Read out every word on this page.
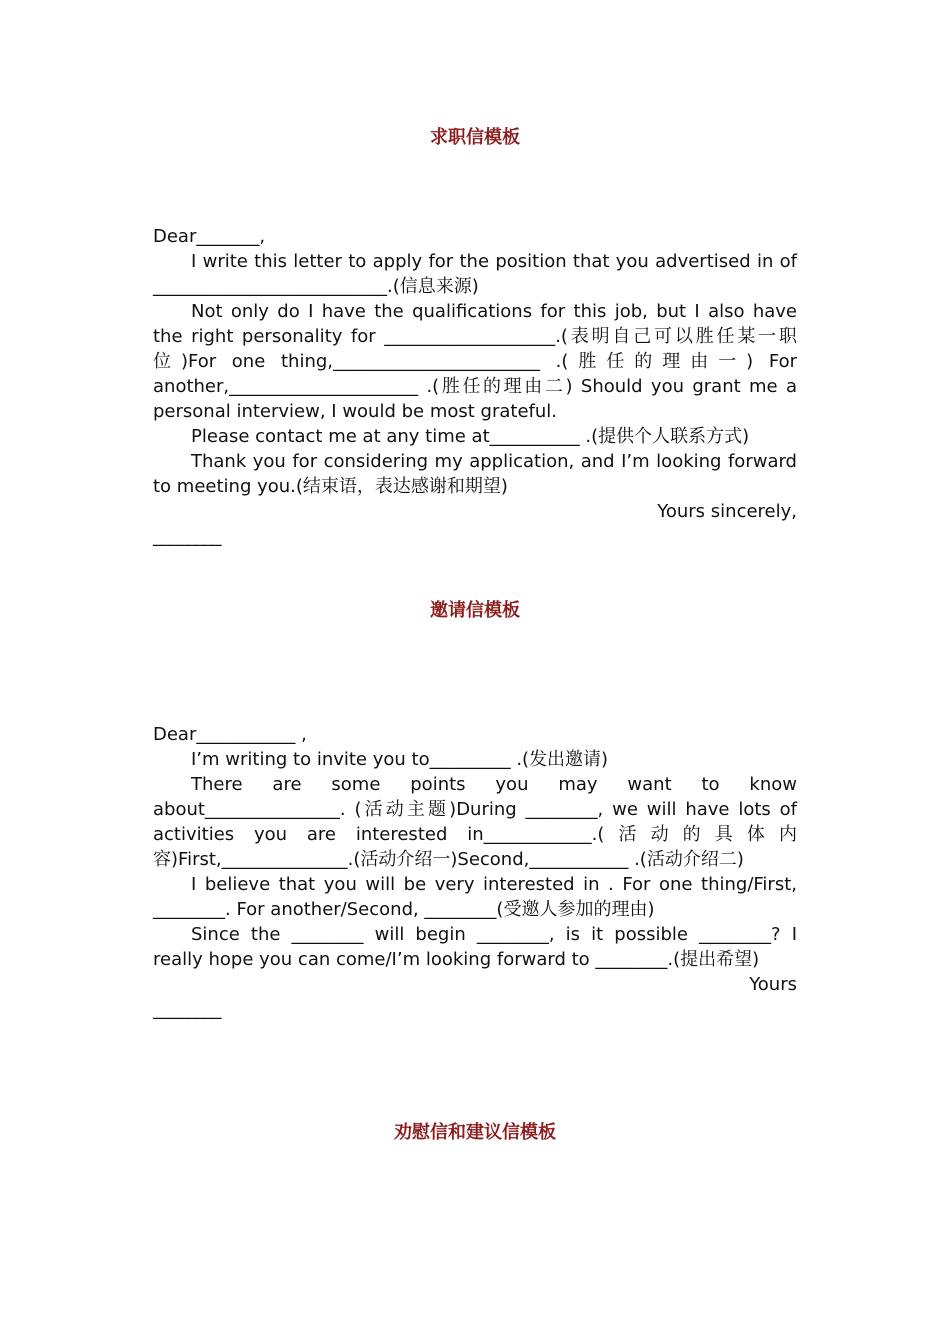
求职信模板

Dear_______,

I write this letter to apply for the position that you advertised in of __________________________.(信息来源)

Not only do I have the qualifications for this job, but I also have the right personality for ___________________.(表明自己可以胜任某一职位)For one thing,_______________________ .(胜任的理由一) For another,_____________________ .(胜任的理由二) Should you grant me a personal interview, I would be most grateful.

Please contact me at any time at__________ .(提供个人联系方式)

Thank you for considering my application, and I’m looking forward to meeting you.(结束语，表达感谢和期望)

Yours sincerely,

________

邀请信模板

Dear___________ ,

I’m writing to invite you to_________ .(发出邀请)

There are some points you may want to know about_______________. (活动主题)During ________, we will have lots of activities you are interested in____________.(活动的具体内容)First,______________.(活动介绍一)Second,___________ .(活动介绍二)

I believe that you will be very interested in . For one thing/First, ________. For another/Second, ________(受邀人参加的理由)

Since the ________ will begin ________, is it possible ________? I really hope you can come/I’m looking forward to ________.(提出希望)

Yours

________

劝慰信和建议信模板
